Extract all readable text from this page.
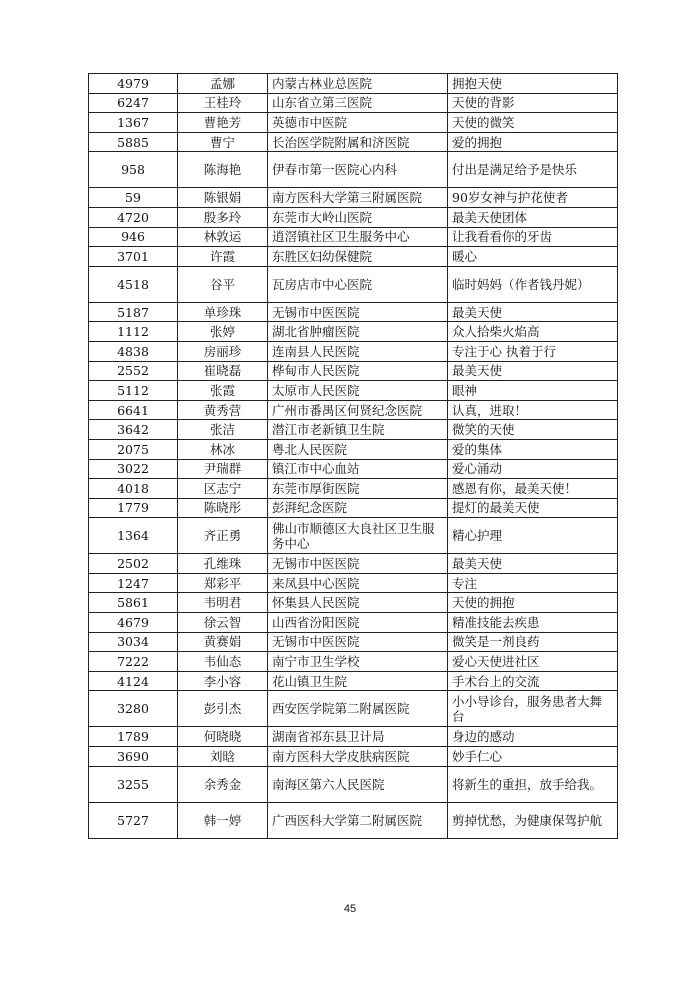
4979	孟娜	内蒙古林业总医院	拥抱天使
6247	王桂玲	山东省立第三医院	天使的背影
1367	曹艳芳	英德市中医院	天使的微笑
5885	曹宁	长治医学院附属和济医院	爱的拥抱
958	陈海艳	伊春市第一医院心内科	付出是满足给予是快乐
59	陈银娟	南方医科大学第三附属医院	90岁女神与护花使者
4720	殷多玲	东莞市大岭山医院	最美天使团体
946	林敦运	逍滘镇社区卫生服务中心	让我看看你的牙齿
3701	许霞	东胜区妇幼保健院	暖心
4518	谷平	瓦房店市中心医院	临时妈妈（作者钱丹妮）
5187	单珍珠	无锡市中医医院	最美天使
1112	张婷	湖北省肿瘤医院	众人拾柴火焰高
4838	房丽珍	连南县人民医院	专注于心 执着于行
2552	崔晓磊	桦甸市人民医院	最美天使
5112	张霞	太原市人民医院	眼神
6641	黄秀营	广州市番禺区何贤纪念医院	认真，进取！
3642	张洁	潜江市老新镇卫生院	微笑的天使
2075	林冰	粤北人民医院	爱的集体
3022	尹瑞群	镇江市中心血站	爱心涌动
4018	区志宁	东莞市厚街医院	感恩有你，最美天使！
1779	陈晓彤	彭湃纪念医院	提灯的最美天使
1364	齐正勇	佛山市顺德区大良社区卫生服务中心	精心护理
2502	孔维珠	无锡市中医医院	最美天使
1247	郑彩平	来凤县中心医院	专注
5861	韦明君	怀集县人民医院	天使的拥抱
4679	徐云智	山西省汾阳医院	精准技能去疾患
3034	黄赛娟	无锡市中医医院	微笑是一剂良药
7222	韦仙态	南宁市卫生学校	爱心天使进社区
4124	李小容	花山镇卫生院	手术台上的交流
3280	彭引杰	西安医学院第二附属医院	小小导诊台，服务患者大舞台
1789	何晓晓	湖南省祁东县卫计局	身边的感动
3690	刘晗	南方医科大学皮肤病医院	妙手仁心
3255	余秀金	南海区第六人民医院	将新生的重担，放手给我。
5727	韩一婷	广西医科大学第二附属医院	剪掉忧愁，为健康保驾护航
45
